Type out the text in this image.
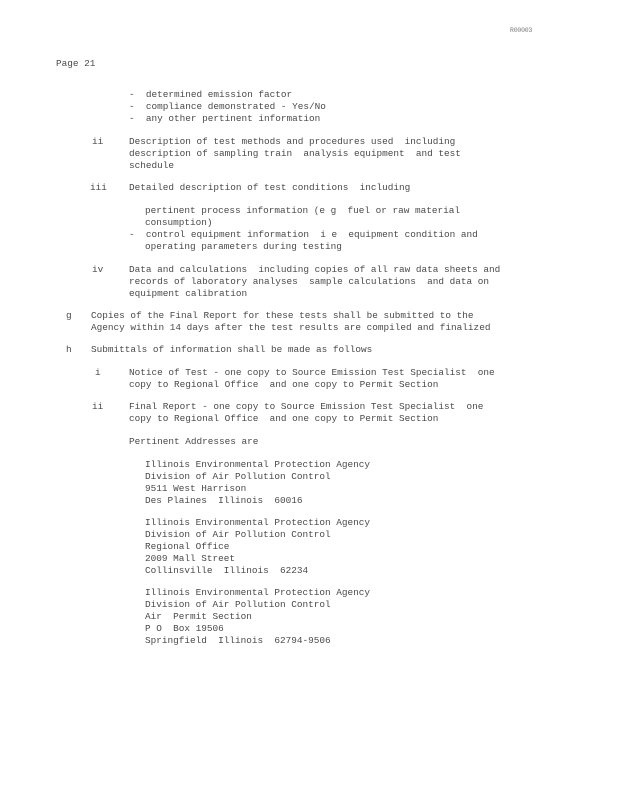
R00003
Page 21
-  determined emission factor
-  compliance demonstrated - Yes/No
-  any other pertinent information
ii	Description of test methods and procedures used  including
description of sampling train  analysis equipment  and test
schedule
iii Detailed description of test conditions  including
pertinent process information (e g  fuel or raw material
consumption)
-  control equipment information  i e  equipment condition and
operating parameters during testing
iv	Data and calculations  including copies of all raw data sheets and
records of laboratory analyses  sample calculations  and data on
equipment calibration
g Copies of the Final Report for these tests shall be submitted to the
Agency within 14 days after the test results are compiled and finalized
h Submittals of information shall be made as follows
i	Notice of Test - one copy to Source Emission Test Specialist  one
copy to Regional Office  and one copy to Permit Section
ii	Final Report - one copy to Source Emission Test Specialist  one
copy to Regional Office  and one copy to Permit Section
Pertinent Addresses are
Illinois Environmental Protection Agency
Division of Air Pollution Control
9511 West Harrison
Des Plaines  Illinois  60016
Illinois Environmental Protection Agency
Division of Air Pollution Control
Regional Office
2009 Mall Street
Collinsville  Illinois  62234
Illinois Environmental Protection Agency
Division of Air Pollution Control
Air  Permit Section
P O  Box 19506
Springfield  Illinois  62794-9506
